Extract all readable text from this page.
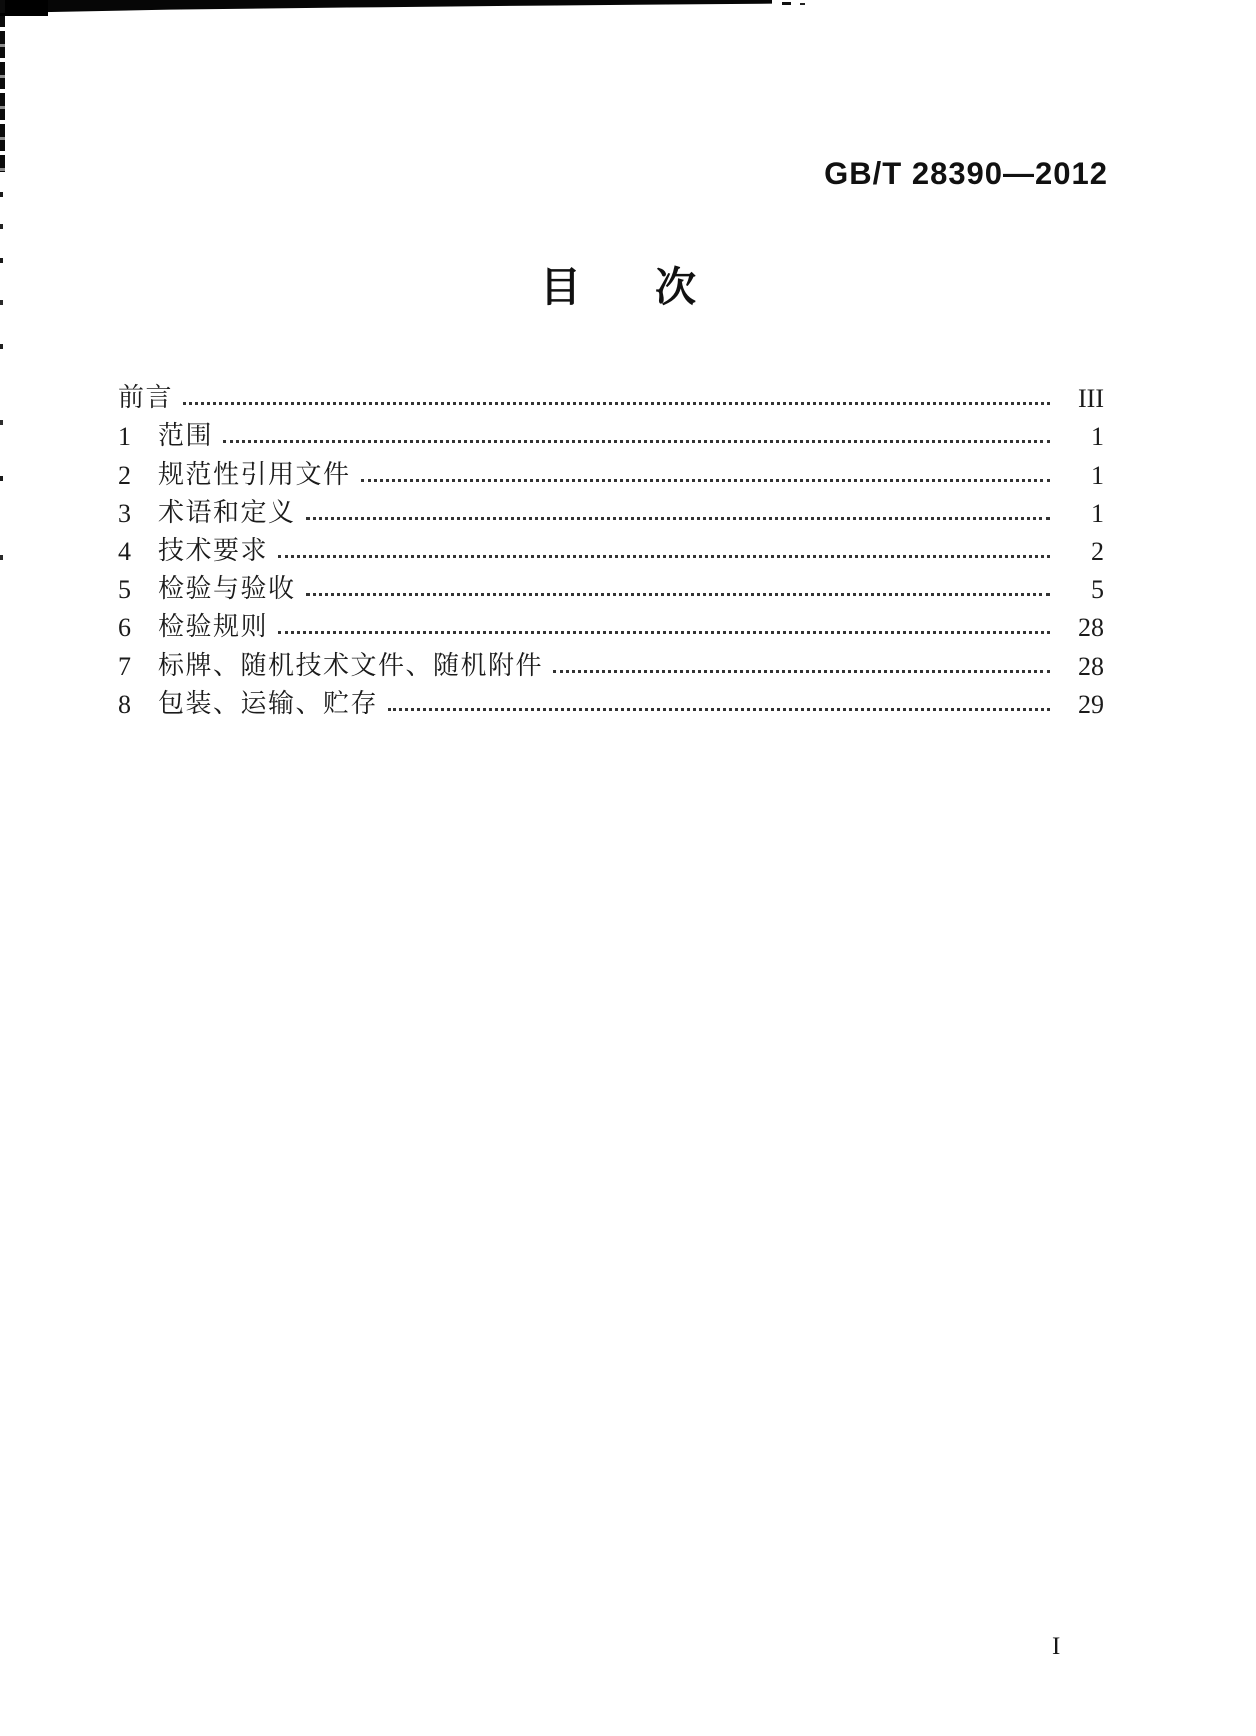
GB/T 28390—2012
目 次
前言	III
1	范围	1
2	规范性引用文件	1
3	术语和定义	1
4	技术要求	2
5	检验与验收	5
6	检验规则	28
7	标牌、随机技术文件、随机附件	28
8	包装、运输、贮存	29
I
